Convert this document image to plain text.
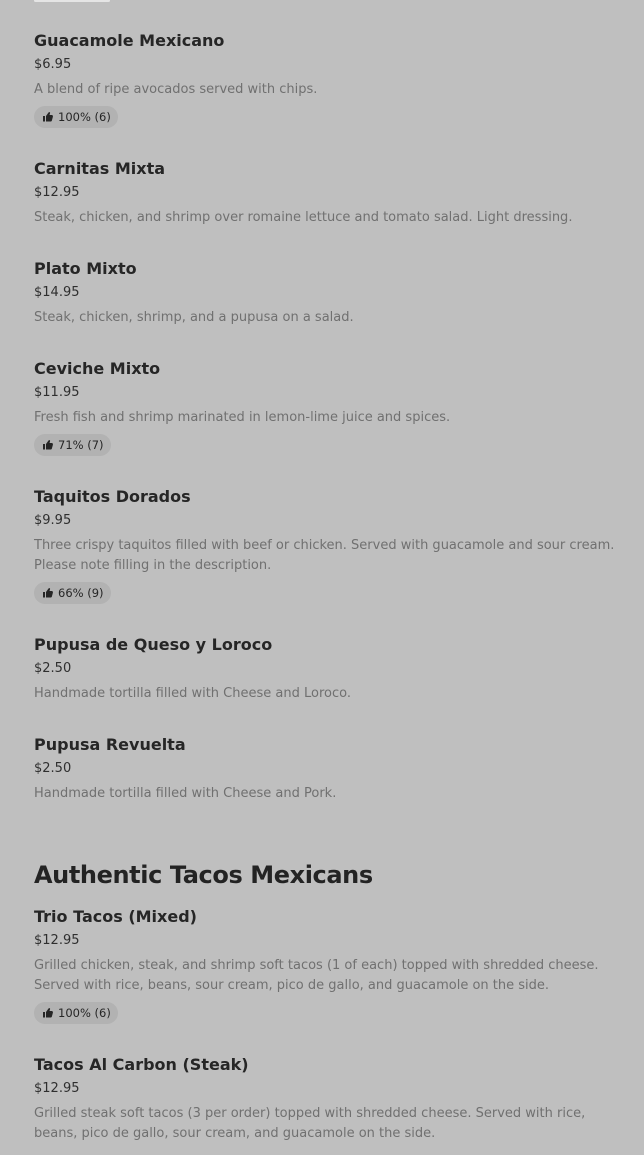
Guacamole Mexicano
$6.95
A blend of ripe avocados served with chips.
100% (6)
Carnitas Mixta
$12.95
Steak, chicken, and shrimp over romaine lettuce and tomato salad. Light dressing.
Plato Mixto
$14.95
Steak, chicken, shrimp, and a pupusa on a salad.
Ceviche Mixto
$11.95
Fresh fish and shrimp marinated in lemon-lime juice and spices.
71% (7)
Taquitos Dorados
$9.95
Three crispy taquitos filled with beef or chicken. Served with guacamole and sour cream. Please note filling in the description.
66% (9)
Pupusa de Queso y Loroco
$2.50
Handmade tortilla filled with Cheese and Loroco.
Pupusa Revuelta
$2.50
Handmade tortilla filled with Cheese and Pork.
Authentic Tacos Mexicans
Trio Tacos (Mixed)
$12.95
Grilled chicken, steak, and shrimp soft tacos (1 of each) topped with shredded cheese. Served with rice, beans, sour cream, pico de gallo, and guacamole on the side.
100% (6)
Tacos Al Carbon (Steak)
$12.95
Grilled steak soft tacos (3 per order) topped with shredded cheese. Served with rice, beans, pico de gallo, sour cream, and guacamole on the side.
